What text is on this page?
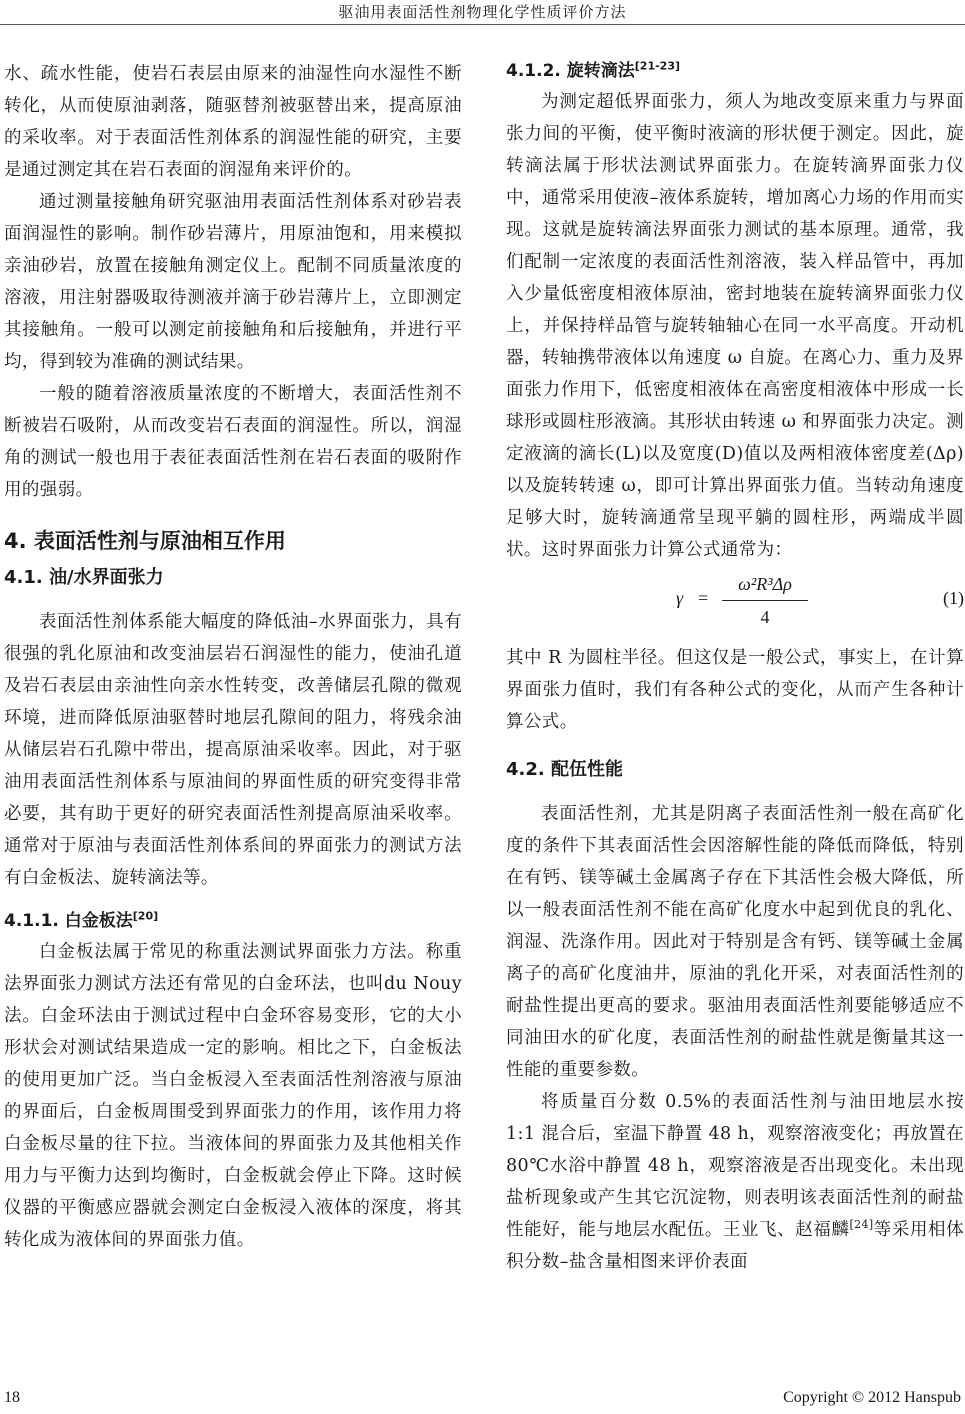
驱油用表面活性剂物理化学性质评价方法

水、疏水性能，使岩石表层由原来的油湿性向水湿性不断转化，从而使原油剥落，随驱替剂被驱替出来，提高原油的采收率。对于表面活性剂体系的润湿性能的研究，主要是通过测定其在岩石表面的润湿角来评价的。

通过测量接触角研究驱油用表面活性剂体系对砂岩表面润湿性的影响。制作砂岩薄片，用原油饱和，用来模拟亲油砂岩，放置在接触角测定仪上。配制不同质量浓度的溶液，用注射器吸取待测液并滴于砂岩薄片上，立即测定其接触角。一般可以测定前接触角和后接触角，并进行平均，得到较为准确的测试结果。

一般的随着溶液质量浓度的不断增大，表面活性剂不断被岩石吸附，从而改变岩石表面的润湿性。所以，润湿角的测试一般也用于表征表面活性剂在岩石表面的吸附作用的强弱。

4. 表面活性剂与原油相互作用
4.1. 油/水界面张力

表面活性剂体系能大幅度的降低油–水界面张力，具有很强的乳化原油和改变油层岩石润湿性的能力，使油孔道及岩石表层由亲油性向亲水性转变，改善储层孔隙的微观环境，进而降低原油驱替时地层孔隙间的阻力，将残余油从储层岩石孔隙中带出，提高原油采收率。因此，对于驱油用表面活性剂体系与原油间的界面性质的研究变得非常必要，其有助于更好的研究表面活性剂提高原油采收率。通常对于原油与表面活性剂体系间的界面张力的测试方法有白金板法、旋转滴法等。

4.1.1. 白金板法[20]

白金板法属于常见的称重法测试界面张力方法。称重法界面张力测试方法还有常见的白金环法，也叫du Nouy法。白金环法由于测试过程中白金环容易变形，它的大小形状会对测试结果造成一定的影响。相比之下，白金板法的使用更加广泛。当白金板浸入至表面活性剂溶液与原油的界面后，白金板周围受到界面张力的作用，该作用力将白金板尽量的往下拉。当液体间的界面张力及其他相关作用力与平衡力达到均衡时，白金板就会停止下降。这时候仪器的平衡感应器就会测定白金板浸入液体的深度，将其转化成为液体间的界面张力值。

4.1.2. 旋转滴法[21-23]

为测定超低界面张力，须人为地改变原来重力与界面张力间的平衡，使平衡时液滴的形状便于测定。因此，旋转滴法属于形状法测试界面张力。在旋转滴界面张力仪中，通常采用使液–液体系旋转，增加离心力场的作用而实现。这就是旋转滴法界面张力测试的基本原理。通常，我们配制一定浓度的表面活性剂溶液，装入样品管中，再加入少量低密度相液体原油，密封地装在旋转滴界面张力仪上，并保持样品管与旋转轴轴心在同一水平高度。开动机器，转轴携带液体以角速度 ω 自旋。在离心力、重力及界面张力作用下，低密度相液体在高密度相液体中形成一长球形或圆柱形液滴。其形状由转速 ω 和界面张力决定。测定液滴的滴长(L)以及宽度(D)值以及两相液体密度差(Δρ)以及旋转转速 ω，即可计算出界面张力值。当转动角速度足够大时，旋转滴通常呈现平躺的圆柱形，两端成半圆状。这时界面张力计算公式通常为：

γ =
ω²R³Δρ
4
(1)

其中 R 为圆柱半径。但这仅是一般公式，事实上，在计算界面张力值时，我们有各种公式的变化，从而产生各种计算公式。

4.2. 配伍性能

表面活性剂，尤其是阴离子表面活性剂一般在高矿化度的条件下其表面活性会因溶解性能的降低而降低，特别在有钙、镁等碱土金属离子存在下其活性会极大降低，所以一般表面活性剂不能在高矿化度水中起到优良的乳化、润湿、洗涤作用。因此对于特别是含有钙、镁等碱土金属离子的高矿化度油井，原油的乳化开采，对表面活性剂的耐盐性提出更高的要求。驱油用表面活性剂要能够适应不同油田水的矿化度，表面活性剂的耐盐性就是衡量其这一性能的重要参数。

将质量百分数 0.5%的表面活性剂与油田地层水按 1:1 混合后，室温下静置 48 h，观察溶液变化；再放置在 80℃水浴中静置 48 h，观察溶液是否出现变化。未出现盐析现象或产生其它沉淀物，则表明该表面活性剂的耐盐性能好，能与地层水配伍。王业飞、赵福麟[24]等采用相体积分数–盐含量相图来评价表面

18	Copyright © 2012 Hanspub
